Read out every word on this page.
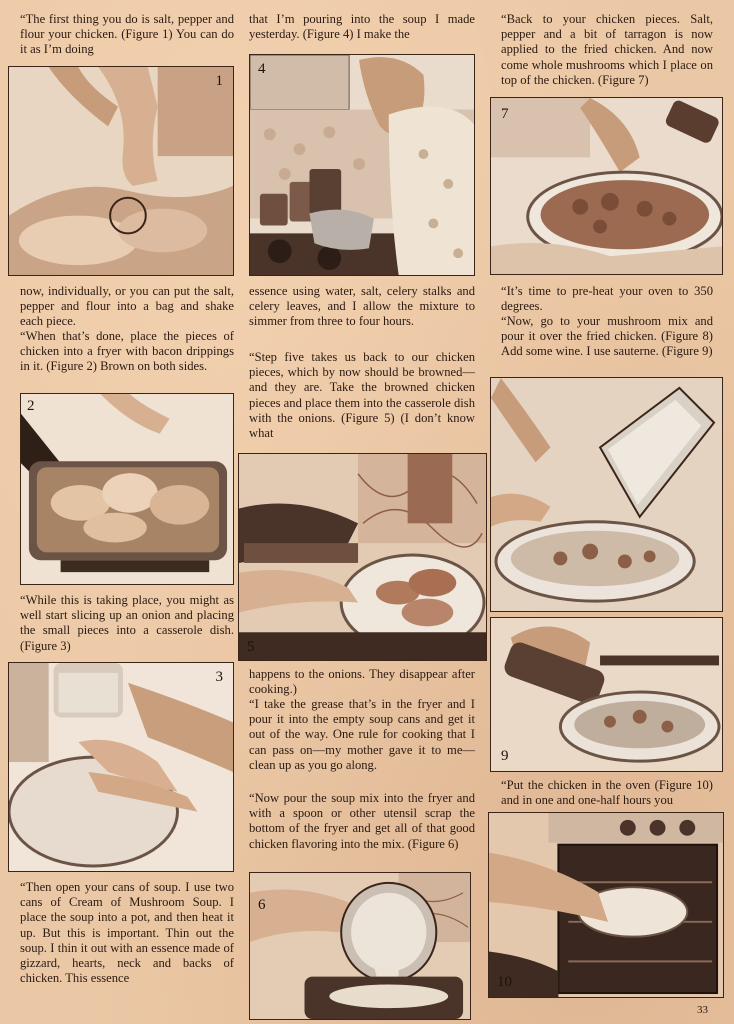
“The first thing you do is salt, pepper and flour your chicken. (Figure 1) You can do it as I’m doing

1

now, individually, or you can put the salt, pepper and flour into a bag and shake each piece.

“When that’s done, place the pieces of chicken into a fryer with bacon drippings in it. (Figure 2) Brown on both sides.

2

“While this is taking place, you might as well start slicing up an onion and placing the small pieces into a casserole dish. (Figure 3)

3

“Then open your cans of soup. I use two cans of Cream of Mushroom Soup. I place the soup into a pot, and then heat it up. But this is important. Thin out the soup. I thin it out with an essence made of gizzard, hearts, neck and backs of chicken. This essence

that I’m pouring into the soup I made yesterday. (Figure 4) I make the

4

essence using water, salt, celery stalks and celery leaves, and I allow the mixture to simmer from three to four hours.

“Step five takes us back to our chicken pieces, which by now should be browned—and they are. Take the browned chicken pieces and place them into the casserole dish with the onions. (Figure 5) (I don’t know what

5

happens to the onions. They disappear after cooking.)

“I take the grease that’s in the fryer and I pour it into the empty soup cans and get it out of the way. One rule for cooking that I can pass on—my mother gave it to me—clean up as you go along.

“Now pour the soup mix into the fryer and with a spoon or other utensil scrap the bottom of the fryer and get all of that good chicken flavoring into the mix. (Figure 6)

6

“Back to your chicken pieces. Salt, pepper and a bit of tarragon is now applied to the fried chicken. And now come whole mushrooms which I place on top of the chicken. (Figure 7)

7

“It’s time to pre-heat your oven to 350 degrees.

“Now, go to your mushroom mix and pour it over the fried chicken. (Figure 8) Add some wine. I use sauterne. (Figure 9)

9

“Put the chicken in the oven (Figure 10) and in one and one-half hours you

10
33
